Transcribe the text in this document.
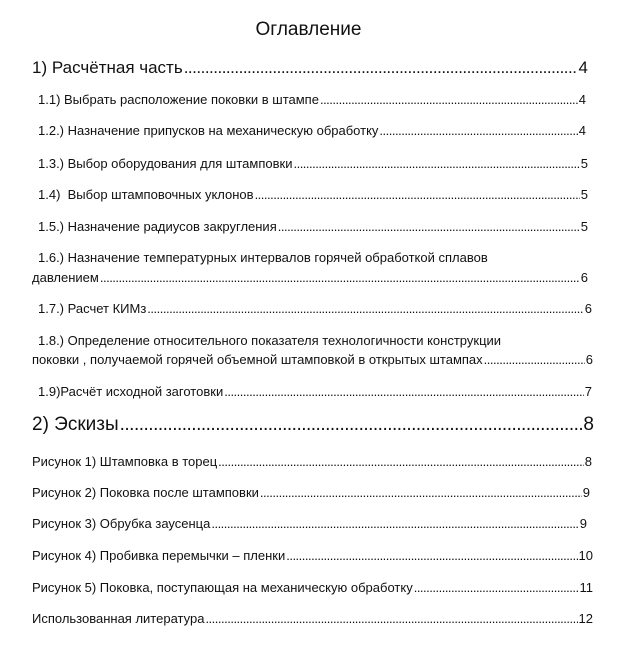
Оглавление
1) Расчётная часть .....	4
1.1) Выбрать расположение поковки в штампе .....	4
1.2.) Назначение припусков на механическую обработку .....	4
1.3.) Выбор оборудования для штамповки .....	5
1.4)  Выбор штамповочных уклонов .....	5
1.5.) Назначение радиусов закругления .....	5
1.6.) Назначение температурных интервалов горячей обработкой сплавов
давлением .....	6
1.7.) Расчет КИМз .....	6
1.8.) Определение относительного показателя технологичности конструкции
поковки , получаемой горячей объемной штамповкой в открытых штампах .....	6
1.9)Расчёт исходной заготовки .....	7
2) Эскизы .....	8
Рисунок 1) Штамповка в торец .....	8
Рисунок 2) Поковка после штамповки .....	9
Рисунок 3) Обрубка заусенца .....	9
Рисунок 4) Пробивка перемычки – пленки .....	10
Рисунок 5) Поковка, поступающая на механическую обработку .....	11
Использованная литература .....	12
